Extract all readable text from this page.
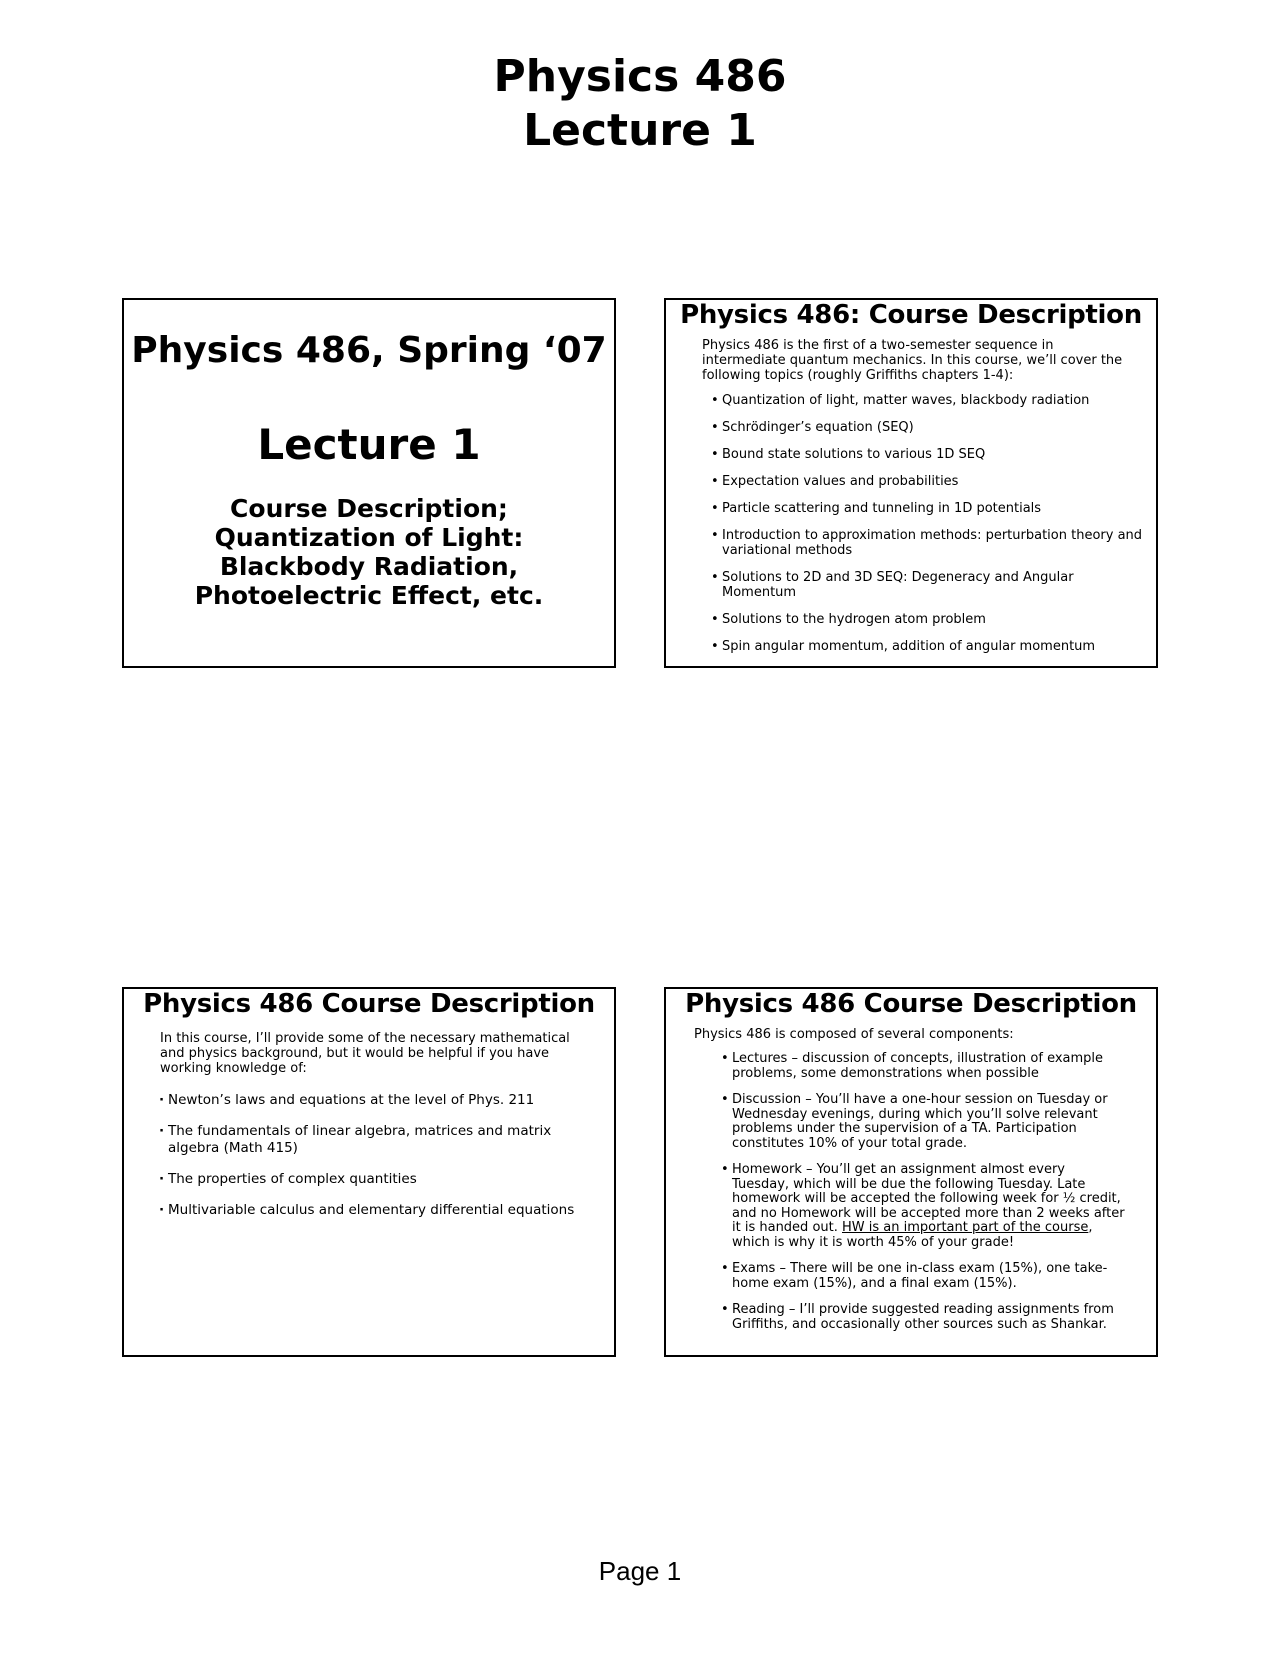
Physics 486
Lecture 1
Physics 486, Spring ‘07
Lecture 1
Course Description;
Quantization of Light:
Blackbody Radiation,
Photoelectric Effect, etc.
Physics 486: Course Description
Physics 486 is the first of a two-semester sequence in intermediate quantum mechanics. In this course, we’ll cover the following topics (roughly Griffiths chapters 1-4):
• Quantization of light, matter waves, blackbody radiation
• Schrödinger’s equation (SEQ)
• Bound state solutions to various 1D SEQ
• Expectation values and probabilities
• Particle scattering and tunneling in 1D potentials
• Introduction to approximation methods: perturbation theory and variational methods
• Solutions to 2D and 3D SEQ: Degeneracy and Angular Momentum
• Solutions to the hydrogen atom problem
• Spin angular momentum, addition of angular momentum
Physics 486 Course Description
In this course, I’ll provide some of the necessary mathematical and physics background, but it would be helpful if you have working knowledge of:
· Newton’s laws and equations at the level of Phys. 211
· The fundamentals of linear algebra, matrices and matrix algebra (Math 415)
· The properties of complex quantities
· Multivariable calculus and elementary differential equations
Physics 486 Course Description
Physics 486 is composed of several components:
• Lectures – discussion of concepts, illustration of example problems, some demonstrations when possible
• Discussion – You’ll have a one-hour session on Tuesday or Wednesday evenings, during which you’ll solve relevant problems under the supervision of a TA. Participation constitutes 10% of your total grade.
• Homework – You’ll get an assignment almost every Tuesday, which will be due the following Tuesday. Late homework will be accepted the following week for ½ credit, and no Homework will be accepted more than 2 weeks after it is handed out. HW is an important part of the course, which is why it is worth 45% of your grade!
• Exams – There will be one in-class exam (15%), one take-home exam (15%), and a final exam (15%).
• Reading – I’ll provide suggested reading assignments from Griffiths, and occasionally other sources such as Shankar.
Page 1
